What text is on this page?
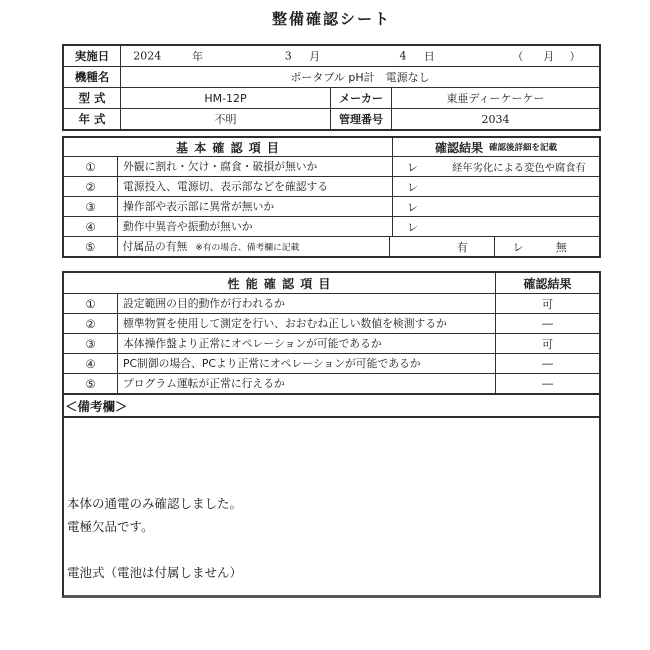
整備確認シート
実施日	2024	年	3 月	4 日	（ 月 ）
機種名	ポータブル pH計　電源なし
型 式	HM-12P	メーカー	東亜ディーケーケー
年 式	不明	管理番号	2034
基 本 確 認 項 目	確認結果 確認後詳細を記載
①	外観に割れ・欠け・腐食・破損が無いか	レ	経年劣化による変色や腐食有
②	電源投入、電源切、表示部などを確認する	レ
③	操作部や表示部に異常が無いか	レ
④	動作中異音や振動が無いか	レ
⑤	付属品の有無 ※有の場合、備考欄に記載	有	レ	無
性 能 確 認 項 目	確認結果
①	設定範囲の目的動作が行われるか	可
②	標準物質を使用して測定を行い、おおむね正しい数値を検測するか	―
③	本体操作盤より正常にオペレーションが可能であるか	可
④	PC制御の場合、PCより正常にオペレーションが可能であるか	―
⑤	プログラム運転が正常に行えるか	―
＜備考欄＞
本体の通電のみ確認しました。
電極欠品です。
電池式（電池は付属しません）
